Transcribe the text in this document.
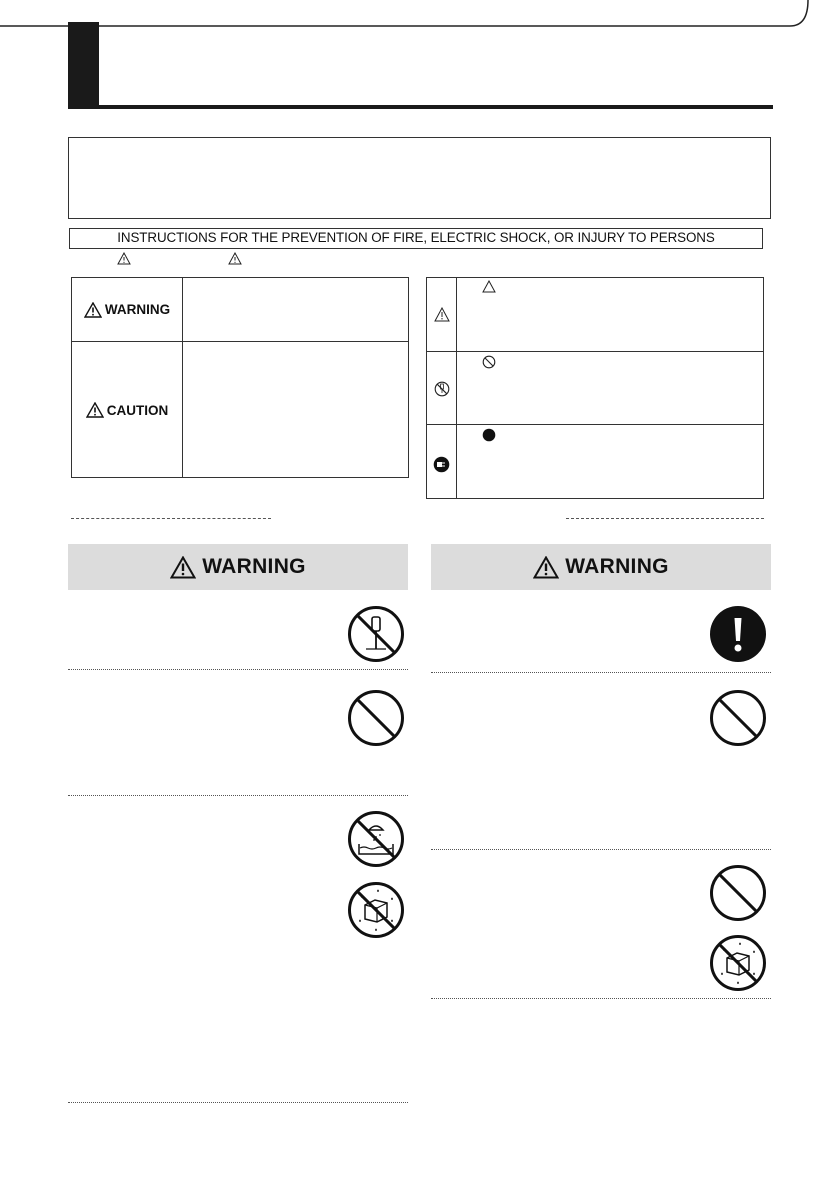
INSTRUCTIONS FOR THE PREVENTION OF FIRE, ELECTRIC SHOCK, OR INJURY TO PERSONS
WARNING
CAUTION
WARNING	WARNING
